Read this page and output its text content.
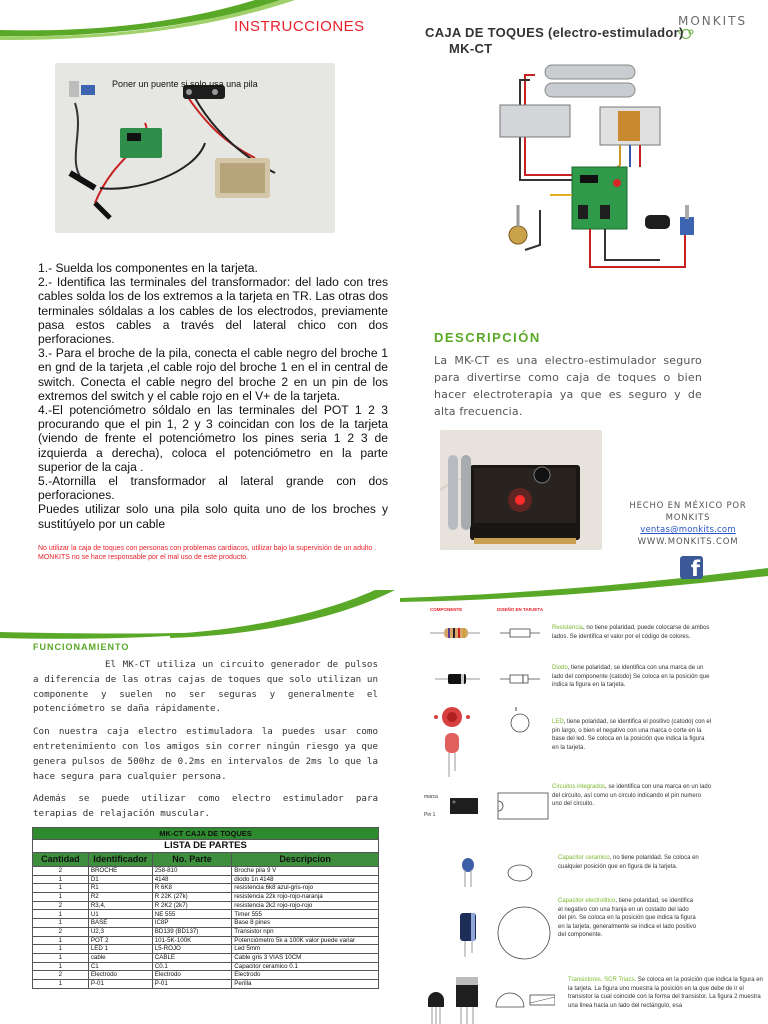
MONKITS
INSTRUCCIONES
Poner un puente si solo usa una pila

1.- Suelda los componentes en la tarjeta.

2.- Identifica las terminales del transformador: del lado con tres cables solda los de los extremos a la tarjeta en TR. Las otras dos terminales sóldalas a los cables de los electrodos, previamente pasa estos cables a través del lateral chico con dos perforaciones.

3.- Para el broche de la pila, conecta el cable negro del broche 1 en gnd de la tarjeta ,el cable rojo del broche 1 en el in central de switch. Conecta el cable negro del broche 2 en un pin de los extremos del switch y el cable rojo en el V+ de la tarjeta.

4.-El potenciómetro sóldalo en las terminales del POT 1 2 3 procurando que el pin 1, 2 y 3 coincidan con los de la tarjeta (viendo de frente el potenciómetro los pines seria 1 2 3 de izquierda a derecha), coloca el potenciómetro en la parte superior de la caja .

5.-Atornilla el transformador al lateral grande con dos perforaciones.

Puedes utilizar solo una pila solo quita uno de los broches y sustitúyelo por un cable

No utilizar la caja de toques con personas con problemas cardiacos, utilizar bajo la supervisión de un adulto . MONKITS no se hace responsable por el mal uso de este producto.
CAJA DE TOQUES (electro-estimulador)
MK-CT
DESCRIPCIÓN
La MK-CT es una electro-estimulador seguro para divertirse como caja de toques o bien hacer electroterapia ya que es seguro y de alta frecuencia.
HECHO EN MÉXICO POR
MONKITS
ventas@monkits.com
WWW.MONKITS.COM
f
FUNCIONAMIENTO

El MK-CT utiliza un circuito generador de pulsos a diferencia de las otras cajas de toques que solo utilizan un componente y suelen no ser seguras y generalmente el potenciómetro se daña rápidamente.

Con nuestra caja electro estimuladora la puedes usar como entretenimiento con los amigos sin correr ningún riesgo ya que genera pulsos de 500hz de 0.2ms en intervalos de 2ms lo que la hace segura para cualquier persona.

Además se puede utilizar como electro estimulador para terapias de relajación muscular.

MK-CT CAJA DE TOQUES			
LISTA DE PARTES			
Cantidad	Identificador	No. Parte	Descripcion
2	BROCHE	258-810	Broche pila 9 V
1	D1	4148	diodo 1n 4148
1	R1	R 6K8	resistencia 6k8 azul-gris-rojo
1	R2	R 22K (27k)	resistencia 22k rojo-rojo-naranja
2	R3,4,	R 2K2 (2k7)	resistencia 2k2 rojo-rojo-rojo
1	U1	NE 555	Timer 555
1	BASE	IC8P	Base 8 pines
2	U2,3	BD139 (BD137)	Transistor npn
1	POT 2	101-5K-100K	Potenciómetro 5k a 100K valor puede variar
1	LED 1	L5-ROJO	Led 5mm
1	cable	CABLE	Cable gris 3 VIAS 10CM
1	C1	C0.1	Capacitor ceramico 0.1
2	Electrodo	Electrodo	Electrodo
1	P-01	P-01	Perilla
COMPONENTE	DISEÑO EN TARJETA
marca
Pin 1
Resistencia, no tiene polaridad, puede colocarse de ambos lados. Se identifica el valor por el código de colores.
Diodo, tiene polaridad, se identifica con una marca de un lado del componente (catodo) Se coloca en la posición que indica la figura en la tarjeta.
LED, tiene polaridad, se identifica el positivo (catodo) con el pin largo, o bien el negativo con una marca o corte en la base del led. Se coloca en la posición que indica la figura en la tarjeta.
Circuitos integrados, se identifica con una marca en un lado del circuito, así como un circulo indicando el pin numero uno del circuito.
Capacitor ceramico, no tiene polaridad. Se coloca en cualquier posición que en figura de la tarjeta.
Capacitor electrolitico, tiene polaridad, se identifica el negativo con una franja en un costado del lado del pin. Se coloca en la posición que indica la figura en la tarjeta, generalmente se indica el lado positivo del componente.
Transistores, SCR Triacs. Se coloca en la posición que indica la figura en la tarjeta. La figura uno muestra la posición en la que debe de ir el transistor la cual coincide con la forma del transistor. La figura 2 muestra una linea hacia un lado del rectángulo, esa
